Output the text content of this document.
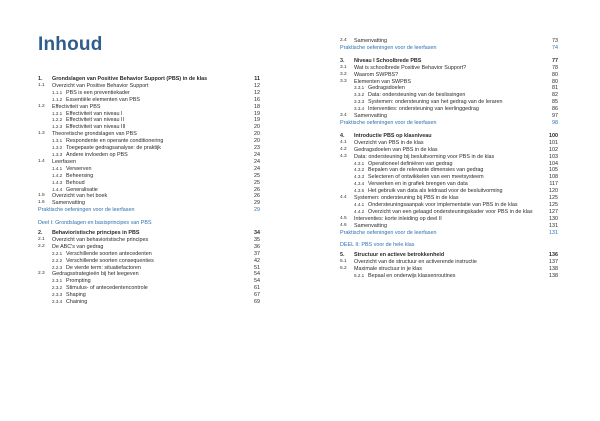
Inhoud
1.	Grondslagen van Positive Behavior Support (PBS) in de klas	11
1.1	Overzicht van Positive Behavior Support	12
1.1.1 PBS is een preventiekader	12
1.1.2 Essentiële elementen van PBS	16
1.2	Effectiviteit van PBS	18
1.2.1 Effectiviteit van niveau I	19
1.2.2 Effectiviteit van niveau II	19
1.2.3 Effectiviteit van niveau III	20
1.3	Theoretische grondslagen van PBS	20
1.3.1 Respondente en operante conditionering	20
1.3.2 Toegepaste gedragsanalyse: de praktijk	23
1.3.3 Andere invloeden op PBS	24
1.4	Leerfasen	24
1.4.1 Verwerven	24
1.4.2 Beheersing	25
1.4.3 Behoud	25
1.4.4 Generalisatie	26
1.5	Overzicht van het boek	26
1.6	Samenvatting	29
Praktische oefeningen voor de leerfasen	29
Deel I: Grondslagen en basisprincipes van PBS
2.	Behavioristische principes in PBS	34
2.1	Overzicht van behavioristische principes	35
2.2	De ABC's van gedrag	36
2.2.1 Verschillende soorten antecedenten	37
2.2.2 Verschillende soorten consequenties	42
2.2.3 De vierde term: situatiefactoren	51
2.3	Gedragsstrategieën bij het leegeven	54
2.3.1 Prompting	54
2.3.2 Stimulus- of antecedentencontrole	61
2.3.3 Shaping	67
2.3.4 Chaining	69
2.4	Samenvatting	73
Praktische oefeningen voor de leerfasen	74
3.	Niveau I Schoolbrede PBS	77
3.1	Wat is schoolbrede Positive Behavior Support?	78
3.2	Waarom SWPBS?	80
3.3	Elementen van SWPBS	80
3.3.1 Gedragsdoelen	81
3.3.2 Data: ondersteuning van de beslissingen	82
3.3.3 Systemen: ondersteuning van het gedrag van de leraren	85
3.3.4 Interventies: ondersteuning van leerlinggedrag	86
3.4	Samenvatting	97
Praktische oefeningen voor de leerfasen	98
4.	Introductie PBS op klasniveau	100
4.1	Overzicht van PBS in de klas	101
4.2	Gedragsdoelen van PBS in de klas	102
4.3	Data: ondersteuning bij besluitvorming voor PBS in de klas	103
4.3.1 Operationeel definiëren van gedrag	104
4.3.2 Bepalen van de relevante dimensies van gedrag	105
4.3.3 Selecteren of ontwikkelen van een meetsysteem	108
4.3.4 Verwerken en in grafiek brengen van data	117
4.3.5 Het gebruik van data als leidraad voor de besluitvorming	120
4.4	Systemen: ondersteuning bij PBS in de klas	125
4.4.1 Ondersteuningsaanpak voor implementatie van PBS in de klas	125
4.4.2 Overzicht van een gelaagd ondersteuningskader voor PBS in de klas	127
4.5	Interventies: korte inleiding op deel II	130
4.6	Samenvatting	131
Praktische oefeningen voor de leerfasen	131
DEEL II: PBS voor de hele klas
5.	Structuur en actieve betrokkenheid	136
5.1	Overzicht van de structuur en activerende instructie	137
5.2	Maximale structuur in je klas	138
5.2.1 Bepaal en onderwijs klassenroutines	138
